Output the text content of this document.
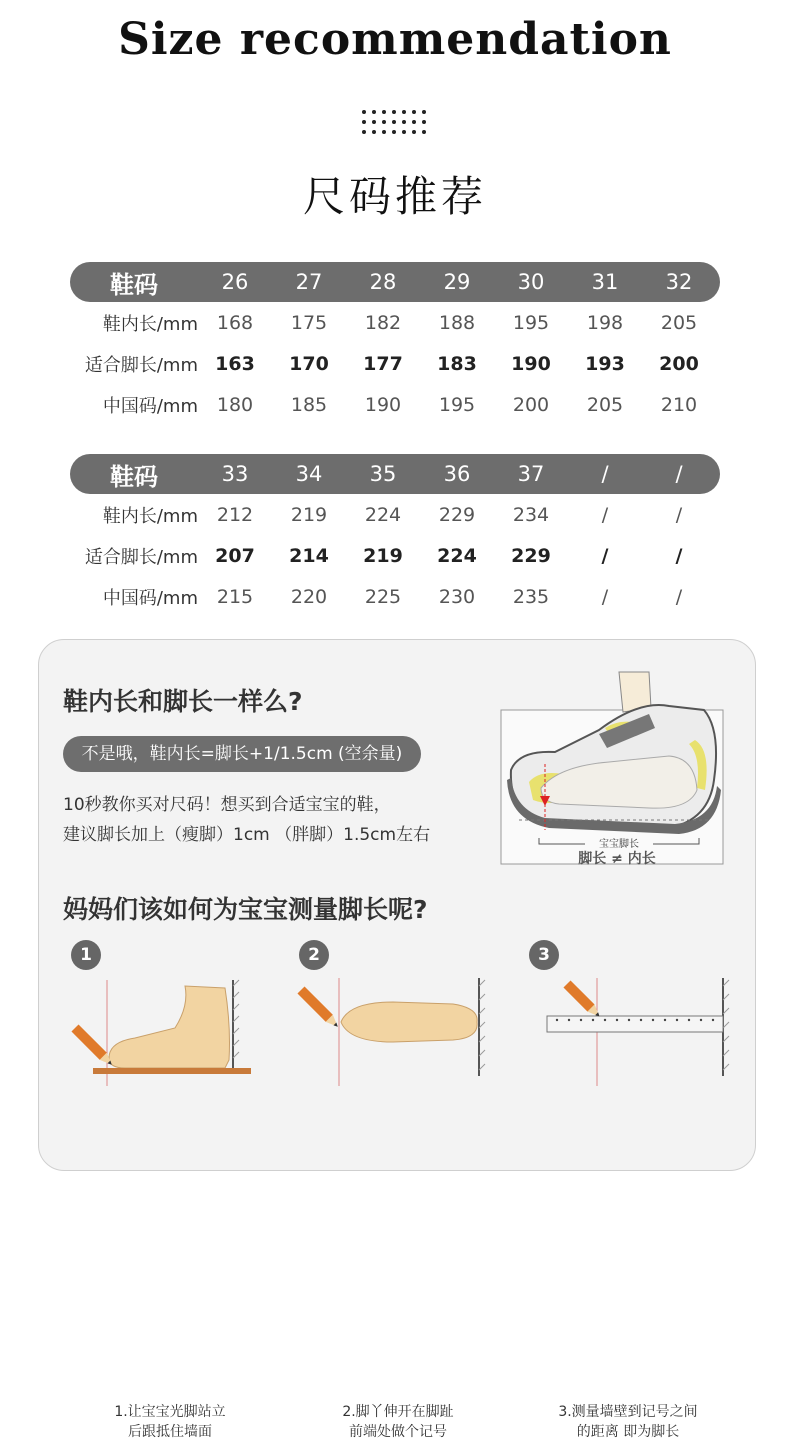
Size recommendation
尺码推荐
鞋码	26	27	28	29	30	31	32
鞋内长/mm 168	175	182	188	195	198	205
适合脚长/mm 163	170	177	183	190	193	200
中国码/mm 180	185	190	195	200	205	210
鞋码	33	34	35	36	37	/	/
鞋内长/mm 212	219	224	229	234	/	/
适合脚长/mm 207	214	219	224	229	/	/
中国码/mm 215	220	225	230	235	/	/
鞋内长和脚长一样么?
不是哦，鞋内长=脚长+1/1.5cm (空余量)
10秒教你买对尺码！想买到合适宝宝的鞋，
建议脚长加上（瘦脚）1cm （胖脚）1.5cm左右	宝宝脚长
脚长 ≠ 内长
妈妈们该如何为宝宝测量脚长呢?
1
1.让宝宝光脚站立
后跟抵住墙面
2
2.脚丫伸开在脚趾
前端处做个记号
3
3.测量墙壁到记号之间
的距离 即为脚长
